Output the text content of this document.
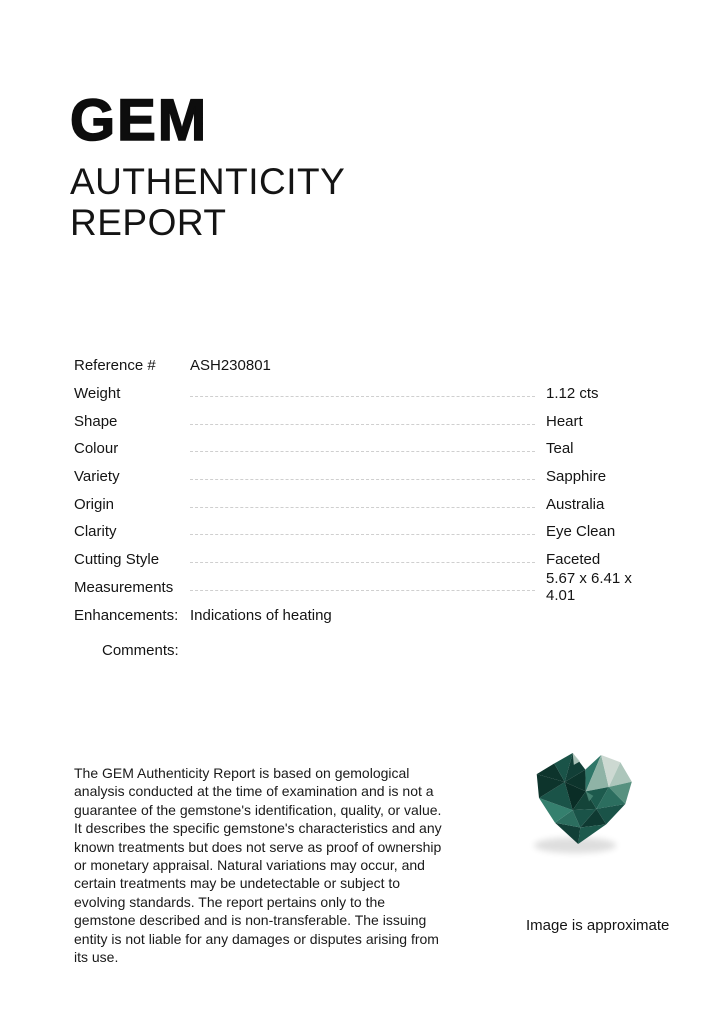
GEM
AUTHENTICITY
REPORT
Reference #	ASH230801
Weight	1.12 cts
Shape	Heart
Colour	Teal
Variety	Sapphire
Origin	Australia
Clarity	Eye Clean
Cutting Style	Faceted
Measurements	5.67 x 6.41 x 4.01
Enhancements: Indications of heating
Comments:

The GEM Authenticity Report is based on gemological analysis conducted at the time of examination and is not a guarantee of the gemstone's identification, quality, or value. It describes the specific gemstone's characteristics and any known treatments but does not serve as proof of ownership or monetary appraisal. Natural variations may occur, and certain treatments may be undetectable or subject to evolving standards. The report pertains only to the gemstone described and is non-transferable. The issuing entity is not liable for any damages or disputes arising from its use.

Image is approximate
